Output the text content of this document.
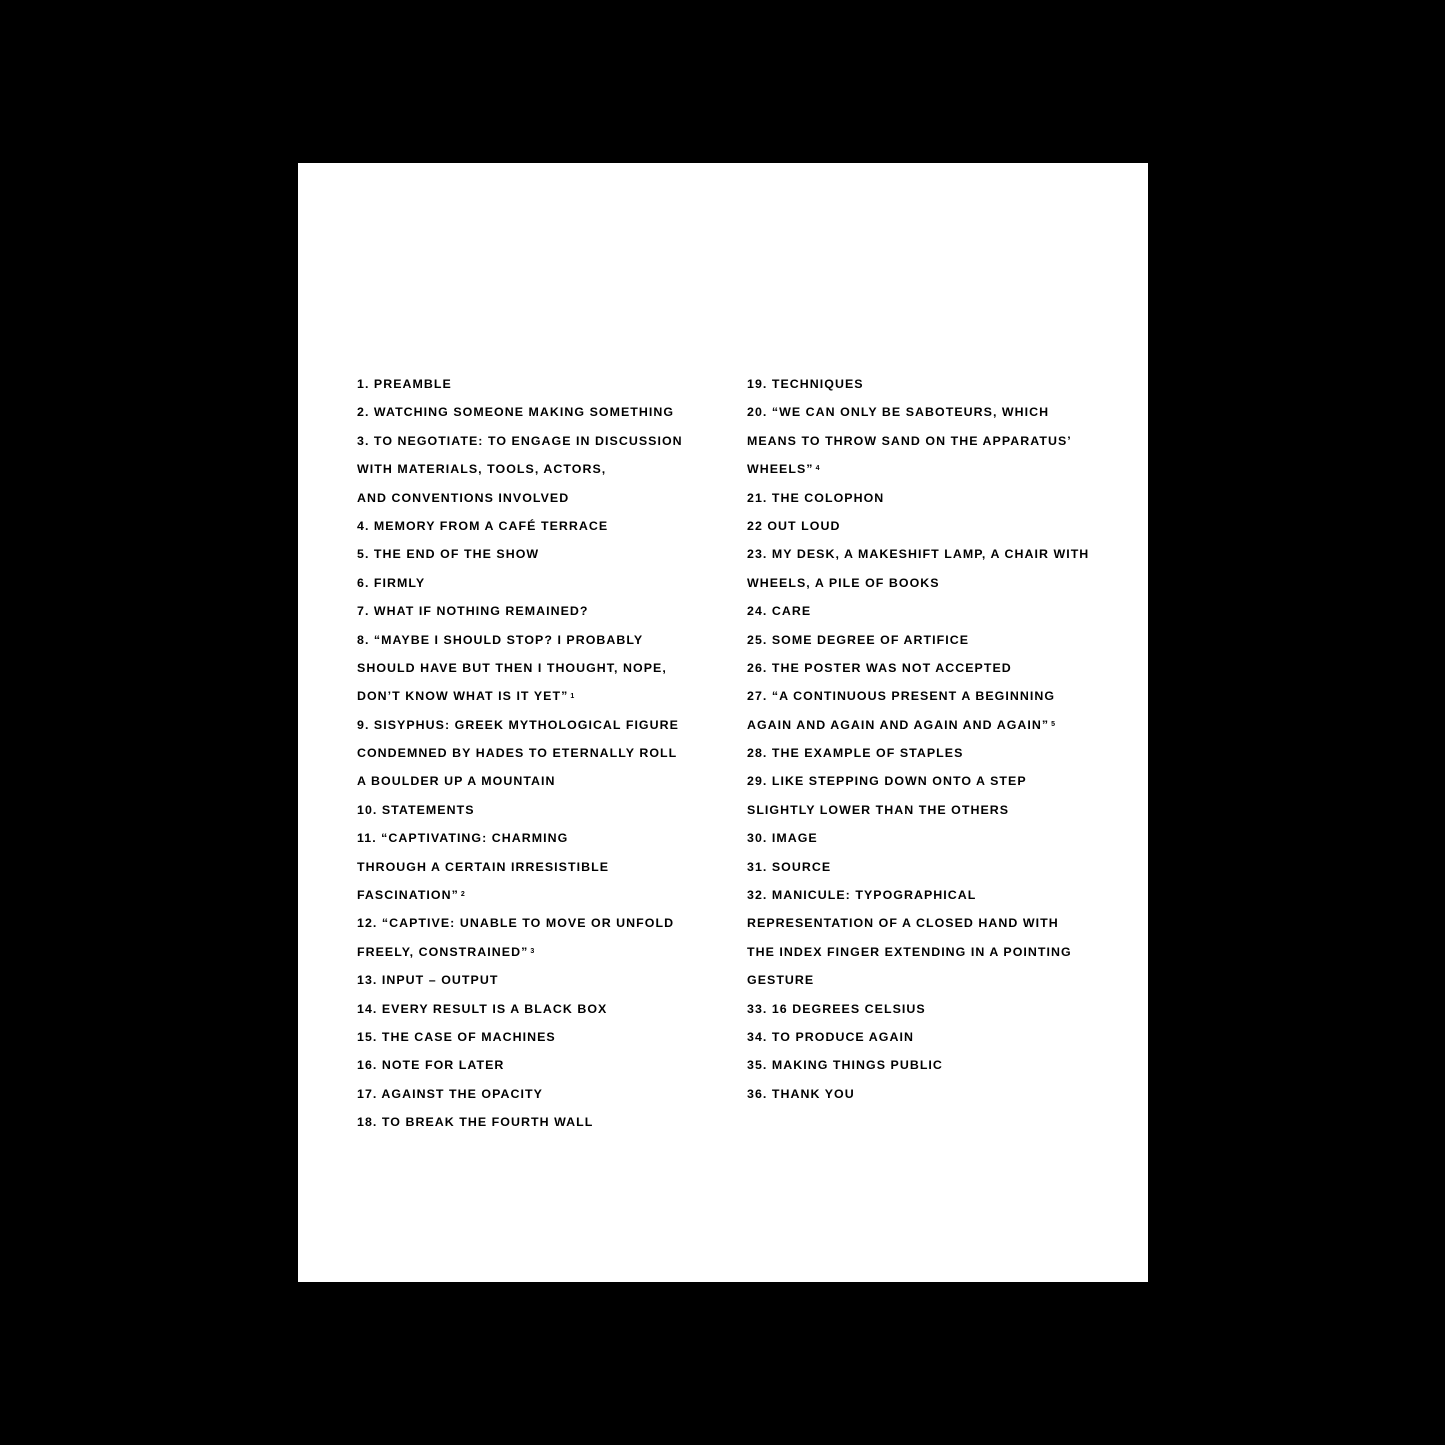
1. PREAMBLE
2. WATCHING SOMEONE MAKING SOMETHING
3. TO NEGOTIATE: TO ENGAGE IN DISCUSSION
WITH MATERIALS, TOOLS, ACTORS,
AND CONVENTIONS INVOLVED
4. MEMORY FROM A CAFÉ TERRACE
5. THE END OF THE SHOW
6. FIRMLY
7. WHAT IF NOTHING REMAINED?
8. “MAYBE I SHOULD STOP? I PROBABLY
SHOULD HAVE BUT THEN I THOUGHT, NOPE,
DON’T KNOW WHAT IS IT YET” $^1$
9. SISYPHUS: GREEK MYTHOLOGICAL FIGURE
CONDEMNED BY HADES TO ETERNALLY ROLL
A BOULDER UP A MOUNTAIN
10. STATEMENTS
11. “CAPTIVATING: CHARMING
THROUGH A CERTAIN IRRESISTIBLE
FASCINATION” $^2$
12. “CAPTIVE: UNABLE TO MOVE OR UNFOLD
FREELY, CONSTRAINED” $^3$
13. INPUT – OUTPUT
14. EVERY RESULT IS A BLACK BOX
15. THE CASE OF MACHINES
16. NOTE FOR LATER
17. AGAINST THE OPACITY
18. TO BREAK THE FOURTH WALL
19. TECHNIQUES
20. “WE CAN ONLY BE SABOTEURS, WHICH
MEANS TO THROW SAND ON THE APPARATUS’
WHEELS” $^4$
21. THE COLOPHON
22 OUT LOUD
23. MY DESK, A MAKESHIFT LAMP, A CHAIR WITH
WHEELS, A PILE OF BOOKS
24. CARE
25. SOME DEGREE OF ARTIFICE
26. THE POSTER WAS NOT ACCEPTED
27. “A CONTINUOUS PRESENT A BEGINNING
AGAIN AND AGAIN AND AGAIN AND AGAIN” $^5$
28. THE EXAMPLE OF STAPLES
29. LIKE STEPPING DOWN ONTO A STEP
SLIGHTLY LOWER THAN THE OTHERS
30. IMAGE
31. SOURCE
32. MANICULE: TYPOGRAPHICAL
REPRESENTATION OF A CLOSED HAND WITH
THE INDEX FINGER EXTENDING IN A POINTING
GESTURE
33. 16 DEGREES CELSIUS
34. TO PRODUCE AGAIN
35. MAKING THINGS PUBLIC
36. THANK YOU
